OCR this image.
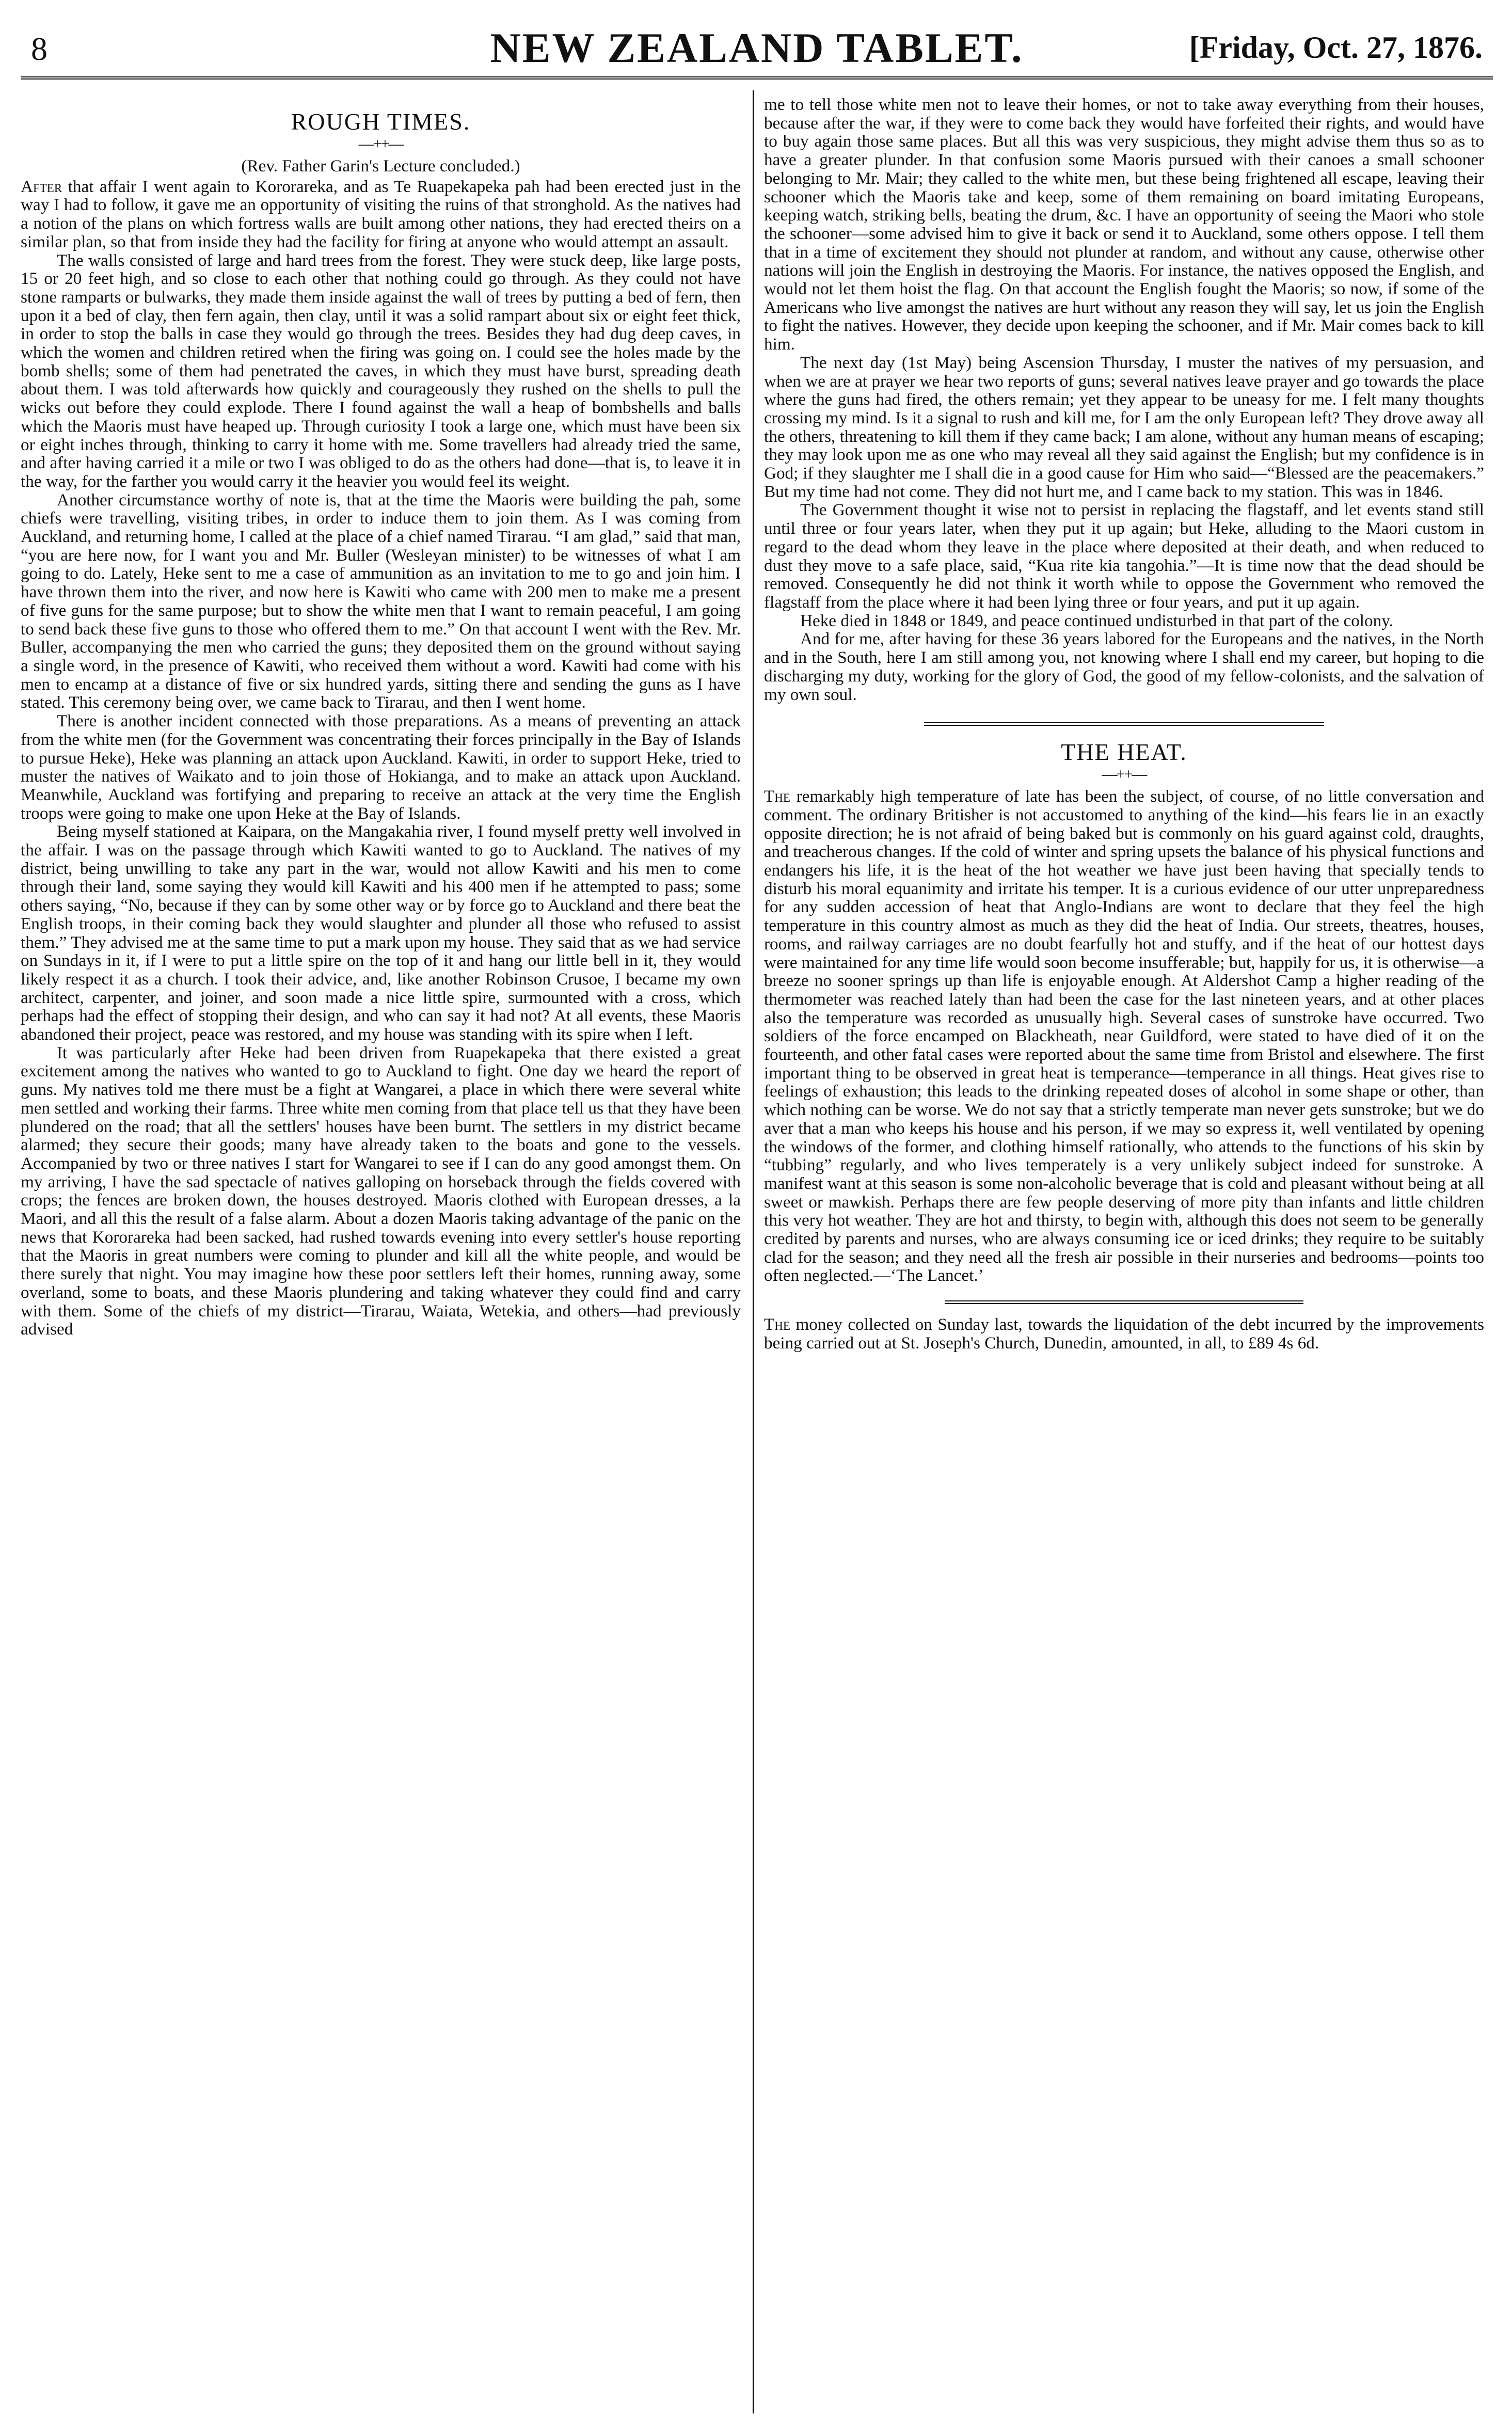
8	NEW ZEALAND TABLET.	[Friday, Oct. 27, 1876.
ROUGH TIMES.
—++—
(Rev. Father Garin's Lecture concluded.)

After that affair I went again to Kororareka, and as Te Ruapekapeka pah had been erected just in the way I had to follow, it gave me an opportunity of visiting the ruins of that stronghold. As the natives had a notion of the plans on which fortress walls are built among other nations, they had erected theirs on a similar plan, so that from inside they had the facility for firing at anyone who would attempt an assault.

The walls consisted of large and hard trees from the forest. They were stuck deep, like large posts, 15 or 20 feet high, and so close to each other that nothing could go through. As they could not have stone ramparts or bulwarks, they made them inside against the wall of trees by putting a bed of fern, then upon it a bed of clay, then fern again, then clay, until it was a solid rampart about six or eight feet thick, in order to stop the balls in case they would go through the trees. Besides they had dug deep caves, in which the women and children retired when the firing was going on. I could see the holes made by the bomb shells; some of them had penetrated the caves, in which they must have burst, spreading death about them. I was told afterwards how quickly and courageously they rushed on the shells to pull the wicks out before they could explode. There I found against the wall a heap of bombshells and balls which the Maoris must have heaped up. Through curiosity I took a large one, which must have been six or eight inches through, thinking to carry it home with me. Some travellers had already tried the same, and after having carried it a mile or two I was obliged to do as the others had done—that is, to leave it in the way, for the farther you would carry it the heavier you would feel its weight.

Another circumstance worthy of note is, that at the time the Maoris were building the pah, some chiefs were travelling, visiting tribes, in order to induce them to join them. As I was coming from Auckland, and returning home, I called at the place of a chief named Tirarau. “I am glad,” said that man, “you are here now, for I want you and Mr. Buller (Wesleyan minister) to be witnesses of what I am going to do. Lately, Heke sent to me a case of ammunition as an invitation to me to go and join him. I have thrown them into the river, and now here is Kawiti who came with 200 men to make me a present of five guns for the same purpose; but to show the white men that I want to remain peaceful, I am going to send back these five guns to those who offered them to me.” On that account I went with the Rev. Mr. Buller, accompanying the men who carried the guns; they deposited them on the ground without saying a single word, in the presence of Kawiti, who received them without a word. Kawiti had come with his men to encamp at a distance of five or six hundred yards, sitting there and sending the guns as I have stated. This ceremony being over, we came back to Tirarau, and then I went home.

There is another incident connected with those preparations. As a means of preventing an attack from the white men (for the Government was concentrating their forces principally in the Bay of Islands to pursue Heke), Heke was planning an attack upon Auckland. Kawiti, in order to support Heke, tried to muster the natives of Waikato and to join those of Hokianga, and to make an attack upon Auckland. Meanwhile, Auckland was fortifying and preparing to receive an attack at the very time the English troops were going to make one upon Heke at the Bay of Islands.

Being myself stationed at Kaipara, on the Mangakahia river, I found myself pretty well involved in the affair. I was on the passage through which Kawiti wanted to go to Auckland. The natives of my district, being unwilling to take any part in the war, would not allow Kawiti and his men to come through their land, some saying they would kill Kawiti and his 400 men if he attempted to pass; some others saying, “No, because if they can by some other way or by force go to Auckland and there beat the English troops, in their coming back they would slaughter and plunder all those who refused to assist them.” They advised me at the same time to put a mark upon my house. They said that as we had service on Sundays in it, if I were to put a little spire on the top of it and hang our little bell in it, they would likely respect it as a church. I took their advice, and, like another Robinson Crusoe, I became my own architect, carpenter, and joiner, and soon made a nice little spire, surmounted with a cross, which perhaps had the effect of stopping their design, and who can say it had not? At all events, these Maoris abandoned their project, peace was restored, and my house was standing with its spire when I left.

It was particularly after Heke had been driven from Ruapekapeka that there existed a great excitement among the natives who wanted to go to Auckland to fight. One day we heard the report of guns. My natives told me there must be a fight at Wangarei, a place in which there were several white men settled and working their farms. Three white men coming from that place tell us that they have been plundered on the road; that all the settlers' houses have been burnt. The settlers in my district became alarmed; they secure their goods; many have already taken to the boats and gone to the vessels. Accompanied by two or three natives I start for Wangarei to see if I can do any good amongst them. On my arriving, I have the sad spectacle of natives galloping on horseback through the fields covered with crops; the fences are broken down, the houses destroyed. Maoris clothed with European dresses, a la Maori, and all this the result of a false alarm. About a dozen Maoris taking advantage of the panic on the news that Kororareka had been sacked, had rushed towards evening into every settler's house reporting that the Maoris in great numbers were coming to plunder and kill all the white people, and would be there surely that night. You may imagine how these poor settlers left their homes, running away, some overland, some to boats, and these Maoris plundering and taking whatever they could find and carry with them. Some of the chiefs of my district—Tirarau, Waiata, Wetekia, and others—had previously advised

me to tell those white men not to leave their homes, or not to take away everything from their houses, because after the war, if they were to come back they would have forfeited their rights, and would have to buy again those same places. But all this was very suspicious, they might advise them thus so as to have a greater plunder. In that confusion some Maoris pursued with their canoes a small schooner belonging to Mr. Mair; they called to the white men, but these being frightened all escape, leaving their schooner which the Maoris take and keep, some of them remaining on board imitating Europeans, keeping watch, striking bells, beating the drum, &c. I have an opportunity of seeing the Maori who stole the schooner—some advised him to give it back or send it to Auckland, some others oppose. I tell them that in a time of excitement they should not plunder at random, and without any cause, otherwise other nations will join the English in destroying the Maoris. For instance, the natives opposed the English, and would not let them hoist the flag. On that account the English fought the Maoris; so now, if some of the Americans who live amongst the natives are hurt without any reason they will say, let us join the English to fight the natives. However, they decide upon keeping the schooner, and if Mr. Mair comes back to kill him.

The next day (1st May) being Ascension Thursday, I muster the natives of my persuasion, and when we are at prayer we hear two reports of guns; several natives leave prayer and go towards the place where the guns had fired, the others remain; yet they appear to be uneasy for me. I felt many thoughts crossing my mind. Is it a signal to rush and kill me, for I am the only European left? They drove away all the others, threatening to kill them if they came back; I am alone, without any human means of escaping; they may look upon me as one who may reveal all they said against the English; but my confidence is in God; if they slaughter me I shall die in a good cause for Him who said—“Blessed are the peacemakers.” But my time had not come. They did not hurt me, and I came back to my station. This was in 1846.

The Government thought it wise not to persist in replacing the flagstaff, and let events stand still until three or four years later, when they put it up again; but Heke, alluding to the Maori custom in regard to the dead whom they leave in the place where deposited at their death, and when reduced to dust they move to a safe place, said, “Kua rite kia tangohia.”—It is time now that the dead should be removed. Consequently he did not think it worth while to oppose the Government who removed the flagstaff from the place where it had been lying three or four years, and put it up again.

Heke died in 1848 or 1849, and peace continued undisturbed in that part of the colony.

And for me, after having for these 36 years labored for the Europeans and the natives, in the North and in the South, here I am still among you, not knowing where I shall end my career, but hoping to die discharging my duty, working for the glory of God, the good of my fellow-colonists, and the salvation of my own soul.

THE HEAT.
—++—

The remarkably high temperature of late has been the subject, of course, of no little conversation and comment. The ordinary Britisher is not accustomed to anything of the kind—his fears lie in an exactly opposite direction; he is not afraid of being baked but is commonly on his guard against cold, draughts, and treacherous changes. If the cold of winter and spring upsets the balance of his physical functions and endangers his life, it is the heat of the hot weather we have just been having that specially tends to disturb his moral equanimity and irritate his temper. It is a curious evidence of our utter unpreparedness for any sudden accession of heat that Anglo-Indians are wont to declare that they feel the high temperature in this country almost as much as they did the heat of India. Our streets, theatres, houses, rooms, and railway carriages are no doubt fearfully hot and stuffy, and if the heat of our hottest days were maintained for any time life would soon become insufferable; but, happily for us, it is otherwise—a breeze no sooner springs up than life is enjoyable enough. At Aldershot Camp a higher reading of the thermometer was reached lately than had been the case for the last nineteen years, and at other places also the temperature was recorded as unusually high. Several cases of sunstroke have occurred. Two soldiers of the force encamped on Blackheath, near Guildford, were stated to have died of it on the fourteenth, and other fatal cases were reported about the same time from Bristol and elsewhere. The first important thing to be observed in great heat is temperance—temperance in all things. Heat gives rise to feelings of exhaustion; this leads to the drinking repeated doses of alcohol in some shape or other, than which nothing can be worse. We do not say that a strictly temperate man never gets sunstroke; but we do aver that a man who keeps his house and his person, if we may so express it, well ventilated by opening the windows of the former, and clothing himself rationally, who attends to the functions of his skin by “tubbing” regularly, and who lives temperately is a very unlikely subject indeed for sunstroke. A manifest want at this season is some non-alcoholic beverage that is cold and pleasant without being at all sweet or mawkish. Perhaps there are few people deserving of more pity than infants and little children this very hot weather. They are hot and thirsty, to begin with, although this does not seem to be generally credited by parents and nurses, who are always consuming ice or iced drinks; they require to be suitably clad for the season; and they need all the fresh air possible in their nurseries and bedrooms—points too often neglected.—‘The Lancet.’

The money collected on Sunday last, towards the liquidation of the debt incurred by the improvements being carried out at St. Joseph's Church, Dunedin, amounted, in all, to £89 4s 6d.
